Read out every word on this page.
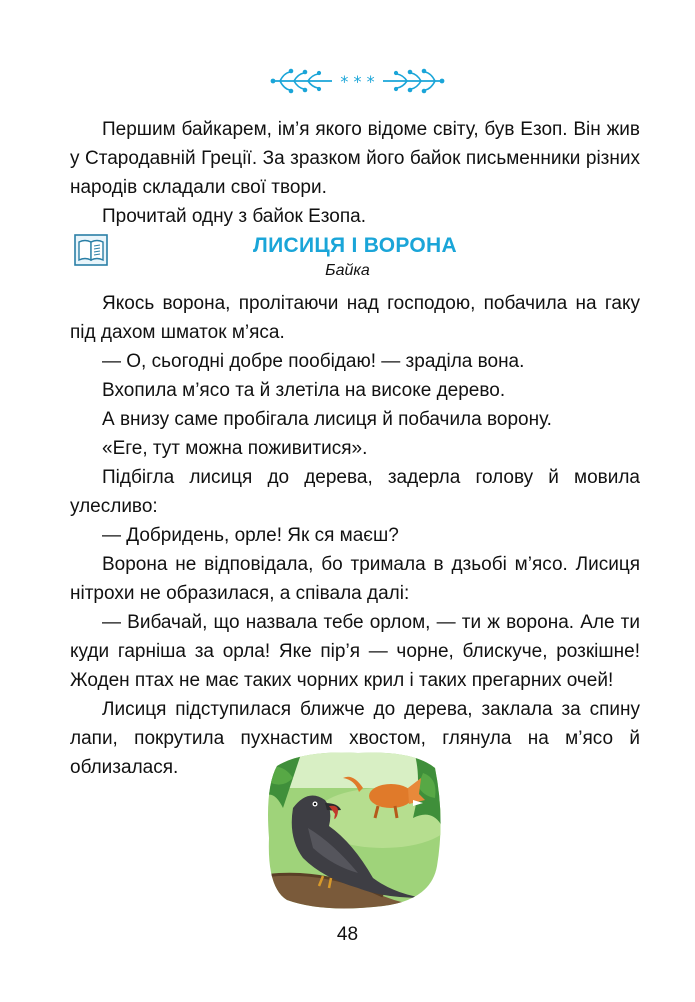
* * *

Першим байкарем, ім’я якого відоме світу, був Езоп. Він жив у Стародавній Греції. За зразком його байок письменники різних народів складали свої твори.

Прочитай одну з байок Езопа.

ЛИСИЦЯ І ВОРОНА
Байка

Якось ворона, пролітаючи над господою, побачила на гаку під дахом шматок м’яса.

— О, сьогодні добре пообідаю! — зраділа вона.

Вхопила м’ясо та й злетіла на високе дерево.

А внизу саме пробігала лисиця й побачила ворону.

«Еге, тут можна поживитися».

Підбігла лисиця до дерева, задерла голову й мовила улесливо:

— Добридень, орле! Як ся маєш?

Ворона не відповідала, бо тримала в дзьобі м’ясо. Лисиця нітрохи не образилася, а співала далі:

— Вибачай, що назвала тебе орлом, — ти ж ворона. Але ти куди гарніша за орла! Яке пір’я — чорне, блискуче, розкішне! Жоден птах не має таких чорних крил і таких прегарних очей!

Лисиця підступилася ближче до дерева, заклала за спину лапи, покрутила пухнастим хвостом, глянула на м’ясо й облизалася.

48
